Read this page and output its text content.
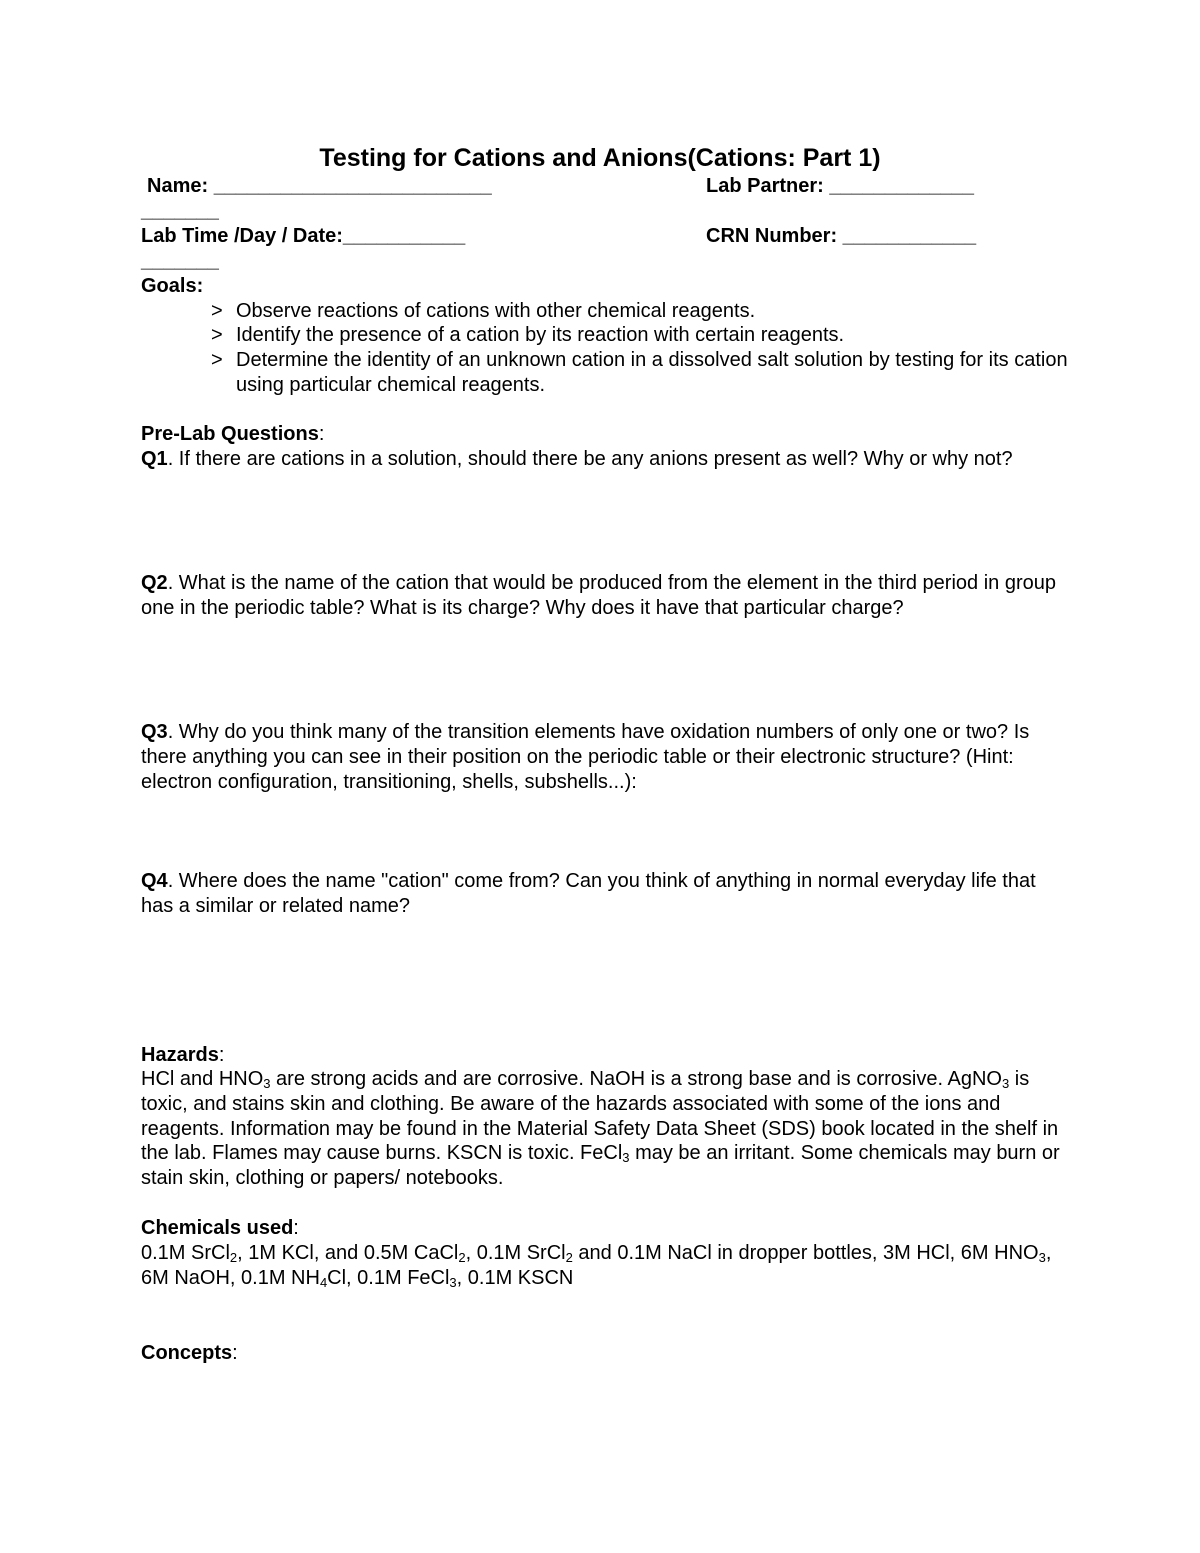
Testing for Cations and Anions(Cations: Part 1)
Name: _________________________	Lab Partner: _____________
_______
Lab Time /Day / Date:___________	CRN Number: ____________
_______
Goals:
> Observe reactions of cations with other chemical reagents.
> Identify the presence of a cation by its reaction with certain reagents.
> Determine the identity of an unknown cation in a dissolved salt solution by testing for its cation using particular chemical reagents.
Pre-Lab Questions:
Q1. If there are cations in a solution, should there be any anions present as well? Why or why not?
Q2. What is the name of the cation that would be produced from the element in the third period in group one in the periodic table? What is its charge? Why does it have that particular charge?
Q3. Why do you think many of the transition elements have oxidation numbers of only one or two? Is there anything you can see in their position on the periodic table or their electronic structure? (Hint: electron configuration, transitioning, shells, subshells...):
Q4. Where does the name "cation" come from? Can you think of anything in normal everyday life that has a similar or related name?
Hazards:
HCl and $HNO_3$ are strong acids and are corrosive. NaOH is a strong base and is corrosive. AgNO$_3$ is toxic, and stains skin and clothing. Be aware of the hazards associated with some of the ions and reagents. Information may be found in the Material Safety Data Sheet (SDS) book located in the shelf in the lab. Flames may cause burns. KSCN is toxic. FeCl$_3$ may be an irritant. Some chemicals may burn or stain skin, clothing or papers/ notebooks.
Chemicals used:
0.1M SrCl$_2$, 1M KCl, and 0.5M CaCl$_2$, 0.1M SrCl$_2$ and 0.1M NaCl in dropper bottles, 3M HCl, 6M $HNO_3$, 6M NaOH, 0.1M $NH_4Cl$, 0.1M FeCl$_3$, 0.1M KSCN
Concepts:
